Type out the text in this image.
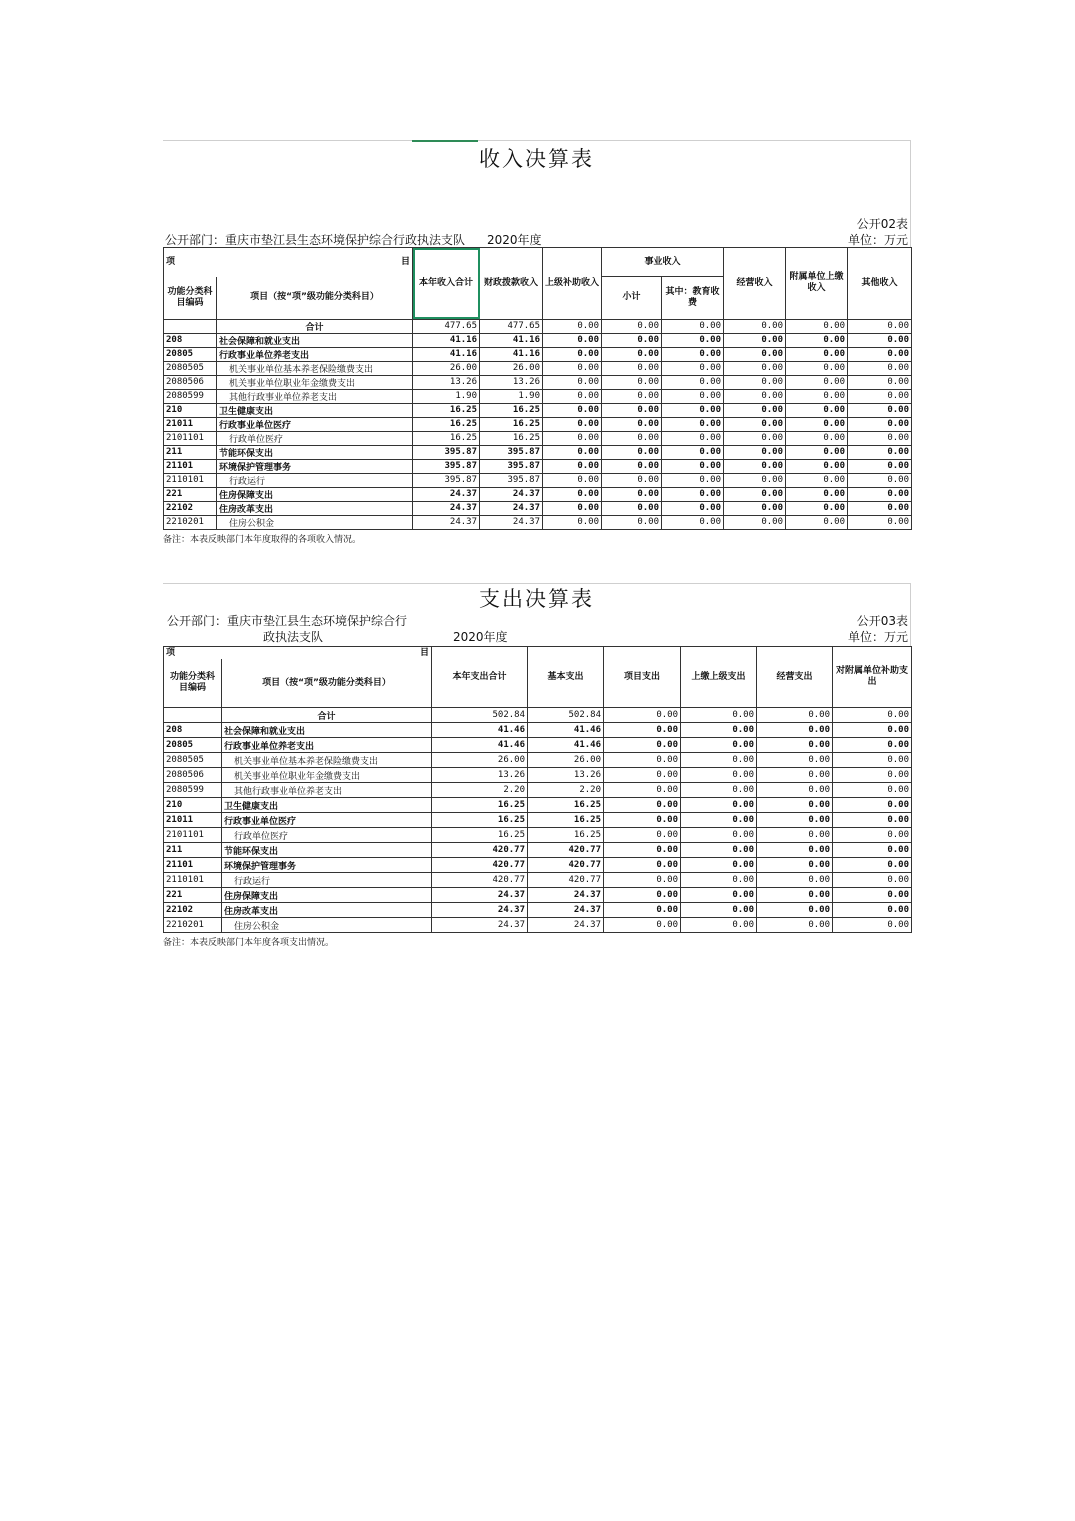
收入决算表
公开02表
公开部门：重庆市垫江县生态环境保护综合行政执法支队 2020年度	单位：万元
项 目		本年收入合计	财政拨款收入	上级补助收入	事业收入		经营收入	附属单位上缴收入	其他收入
功能分类科目编码	项目（按“项”级功能分类科目）				小计	其中：教育收费			

	合计	477.65	477.65	0.00	0.00	0.00	0.00	0.00	0.00
208	社会保障和就业支出	41.16	41.16	0.00	0.00	0.00	0.00	0.00	0.00
20805	行政事业单位养老支出	41.16	41.16	0.00	0.00	0.00	0.00	0.00	0.00
2080505	机关事业单位基本养老保险缴费支出	26.00	26.00	0.00	0.00	0.00	0.00	0.00	0.00
2080506	机关事业单位职业年金缴费支出	13.26	13.26	0.00	0.00	0.00	0.00	0.00	0.00
2080599	其他行政事业单位养老支出	1.90	1.90	0.00	0.00	0.00	0.00	0.00	0.00
210	卫生健康支出	16.25	16.25	0.00	0.00	0.00	0.00	0.00	0.00
21011	行政事业单位医疗	16.25	16.25	0.00	0.00	0.00	0.00	0.00	0.00
2101101	行政单位医疗	16.25	16.25	0.00	0.00	0.00	0.00	0.00	0.00
211	节能环保支出	395.87	395.87	0.00	0.00	0.00	0.00	0.00	0.00
21101	环境保护管理事务	395.87	395.87	0.00	0.00	0.00	0.00	0.00	0.00
2110101	行政运行	395.87	395.87	0.00	0.00	0.00	0.00	0.00	0.00
221	住房保障支出	24.37	24.37	0.00	0.00	0.00	0.00	0.00	0.00
22102	住房改革支出	24.37	24.37	0.00	0.00	0.00	0.00	0.00	0.00
2210201	住房公积金	24.37	24.37	0.00	0.00	0.00	0.00	0.00	0.00
备注：本表反映部门本年度取得的各项收入情况。
支出决算表
公开03表
公开部门：重庆市垫江县生态环境保护综合行
政执法支队	2020年度	单位：万元
项 目		本年支出合计	基本支出	项目支出	上缴上级支出	经营支出	对附属单位补助支出
功能分类科目编码	项目（按“项”级功能分类科目）						
	合计	502.84	502.84	0.00	0.00	0.00	0.00
208	社会保障和就业支出	41.46	41.46	0.00	0.00	0.00	0.00
20805	行政事业单位养老支出	41.46	41.46	0.00	0.00	0.00	0.00
2080505	机关事业单位基本养老保险缴费支出	26.00	26.00	0.00	0.00	0.00	0.00
2080506	机关事业单位职业年金缴费支出	13.26	13.26	0.00	0.00	0.00	0.00
2080599	其他行政事业单位养老支出	2.20	2.20	0.00	0.00	0.00	0.00
210	卫生健康支出	16.25	16.25	0.00	0.00	0.00	0.00
21011	行政事业单位医疗	16.25	16.25	0.00	0.00	0.00	0.00
2101101	行政单位医疗	16.25	16.25	0.00	0.00	0.00	0.00
211	节能环保支出	420.77	420.77	0.00	0.00	0.00	0.00
21101	环境保护管理事务	420.77	420.77	0.00	0.00	0.00	0.00
2110101	行政运行	420.77	420.77	0.00	0.00	0.00	0.00
221	住房保障支出	24.37	24.37	0.00	0.00	0.00	0.00
22102	住房改革支出	24.37	24.37	0.00	0.00	0.00	0.00
2210201	住房公积金	24.37	24.37	0.00	0.00	0.00	0.00
备注：本表反映部门本年度各项支出情况。
